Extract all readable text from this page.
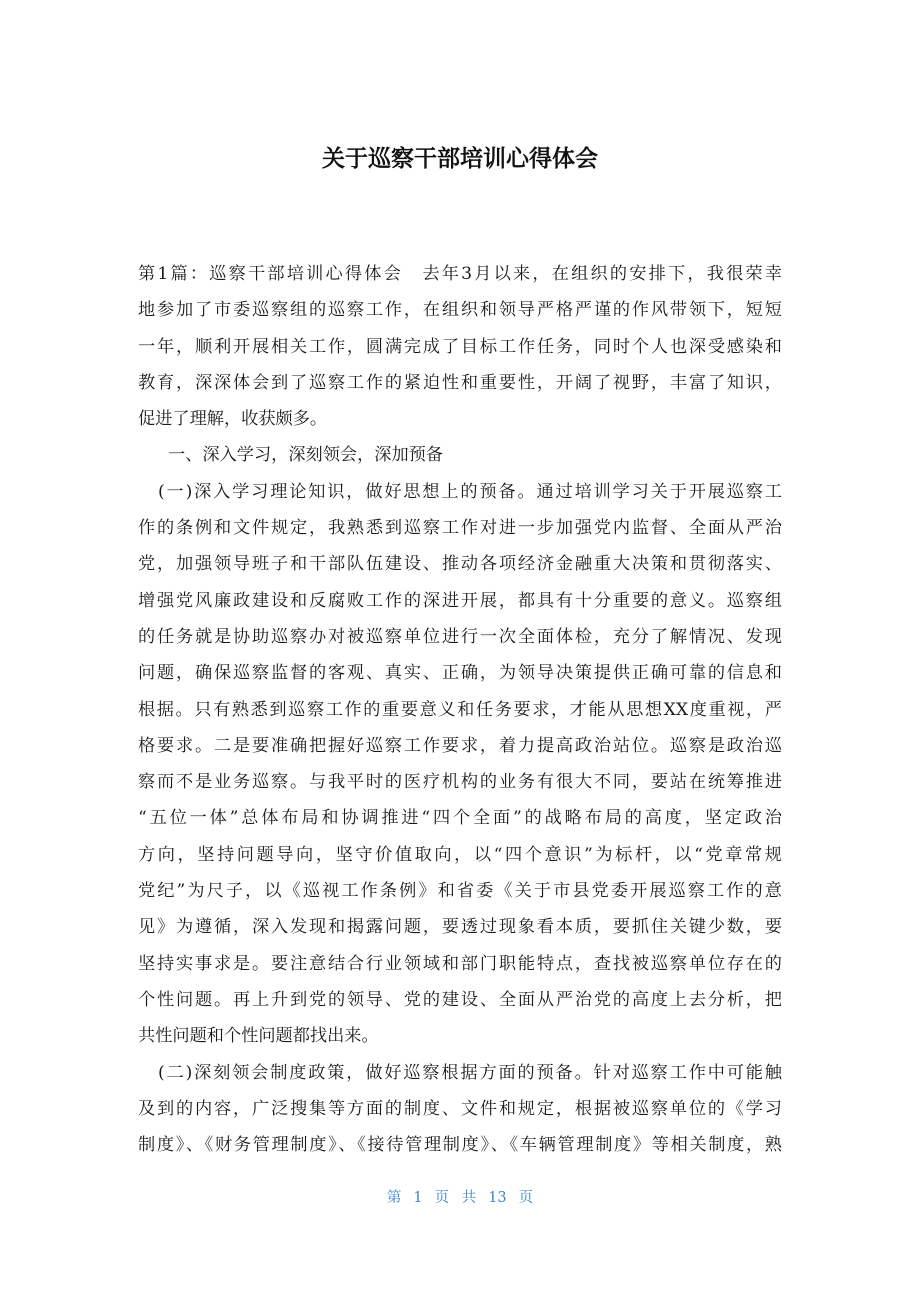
关于巡察干部培训心得体会
第1篇：巡察干部培训心得体会　去年3月以来，在组织的安排下，我很荣幸
地参加了市委巡察组的巡察工作，在组织和领导严格严谨的作风带领下，短短
一年，顺利开展相关工作，圆满完成了目标工作任务，同时个人也深受感染和
教育，深深体会到了巡察工作的紧迫性和重要性，开阔了视野，丰富了知识，
促进了理解，收获颇多。
一、深入学习，深刻领会，深加预备
(一)深入学习理论知识，做好思想上的预备。通过培训学习关于开展巡察工
作的条例和文件规定，我熟悉到巡察工作对进一步加强党内监督、全面从严治
党，加强领导班子和干部队伍建设、推动各项经济金融重大决策和贯彻落实、
增强党风廉政建设和反腐败工作的深进开展，都具有十分重要的意义。巡察组
的任务就是协助巡察办对被巡察单位进行一次全面体检，充分了解情况、发现
问题，确保巡察监督的客观、真实、正确，为领导决策提供正确可靠的信息和
根据。只有熟悉到巡察工作的重要意义和任务要求，才能从思想XX度重视，严
格要求。二是要准确把握好巡察工作要求，着力提高政治站位。巡察是政治巡
察而不是业务巡察。与我平时的医疗机构的业务有很大不同，要站在统筹推进
“五位一体”总体布局和协调推进“四个全面”的战略布局的高度，坚定政治
方向，坚持问题导向，坚守价值取向，以“四个意识”为标杆，以“党章常规
党纪”为尺子，以《巡视工作条例》和省委《关于市县党委开展巡察工作的意
见》为遵循，深入发现和揭露问题，要透过现象看本质，要抓住关键少数，要
坚持实事求是。要注意结合行业领域和部门职能特点，查找被巡察单位存在的
个性问题。再上升到党的领导、党的建设、全面从严治党的高度上去分析，把
共性问题和个性问题都找出来。
(二)深刻领会制度政策，做好巡察根据方面的预备。针对巡察工作中可能触
及到的内容，广泛搜集等方面的制度、文件和规定，根据被巡察单位的《学习
制度》、《财务管理制度》、《接待管理制度》、《车辆管理制度》等相关制度，熟
第 1 页 共 13 页
